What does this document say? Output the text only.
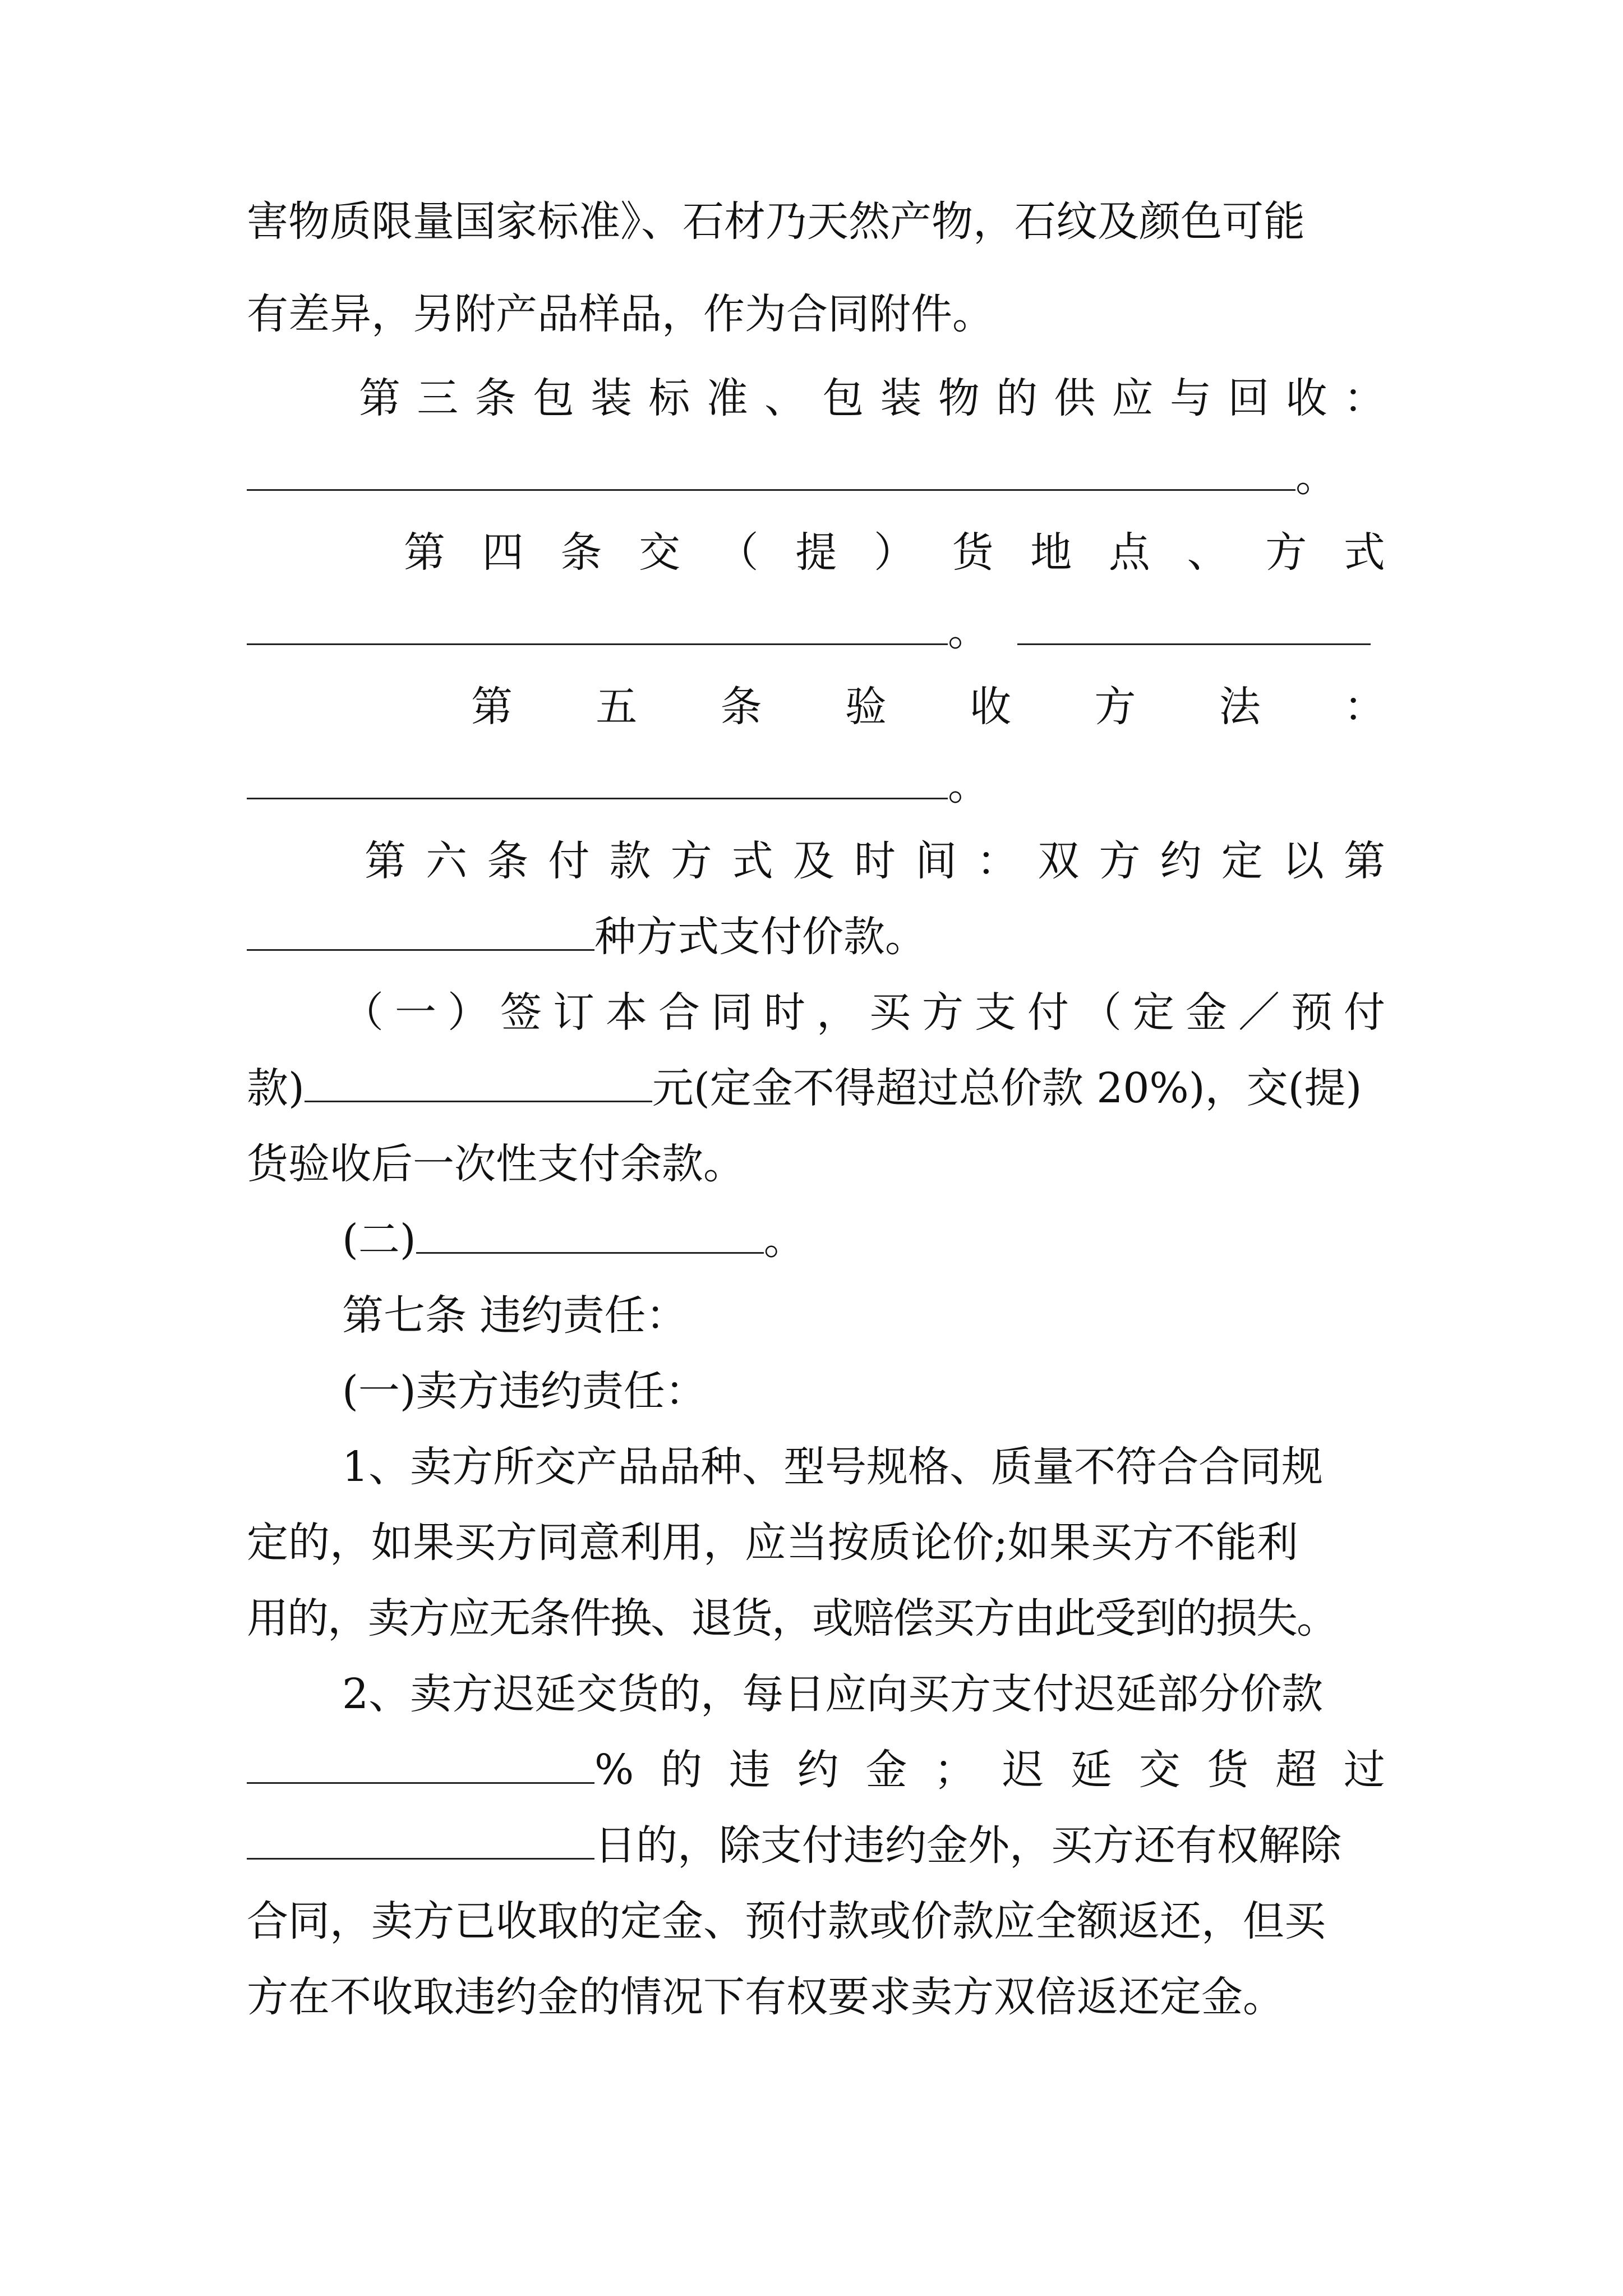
害物质限量国家标准》、石材乃天然产物，石纹及颜色可能
有差异，另附产品样品，作为合同附件。
第 三 条 包 装 标 准 、 包 装 物 的 供 应 与 回 收 ：
。
第 四 条 交 （ 提 ） 货 地 点 、 方 式
。
第 五 条 验 收 方 法 ：
。
第 六 条 付 款 方 式 及 时 间 ： 双 方 约 定 以 第
种方式支付价款。
（ 一 ） 签 订 本 合 同 时 ， 买 方 支 付 （ 定 金 ／ 预 付
款)	元(定金不得超过总价款 20%)，交(提)
货验收后一次性支付余款。
(二)	。
第七条 违约责任：
(一)卖方违约责任：
1、卖方所交产品品种、型号规格、质量不符合合同规
定的，如果买方同意利用，应当按质论价;如果买方不能利
用的，卖方应无条件换、退货，或赔偿买方由此受到的损失。
2、卖方迟延交货的，每日应向买方支付迟延部分价款
% 的 违 约 金 ； 迟 延 交 货 超 过
日的，除支付违约金外，买方还有权解除
合同，卖方已收取的定金、预付款或价款应全额返还，但买
方在不收取违约金的情况下有权要求卖方双倍返还定金。
